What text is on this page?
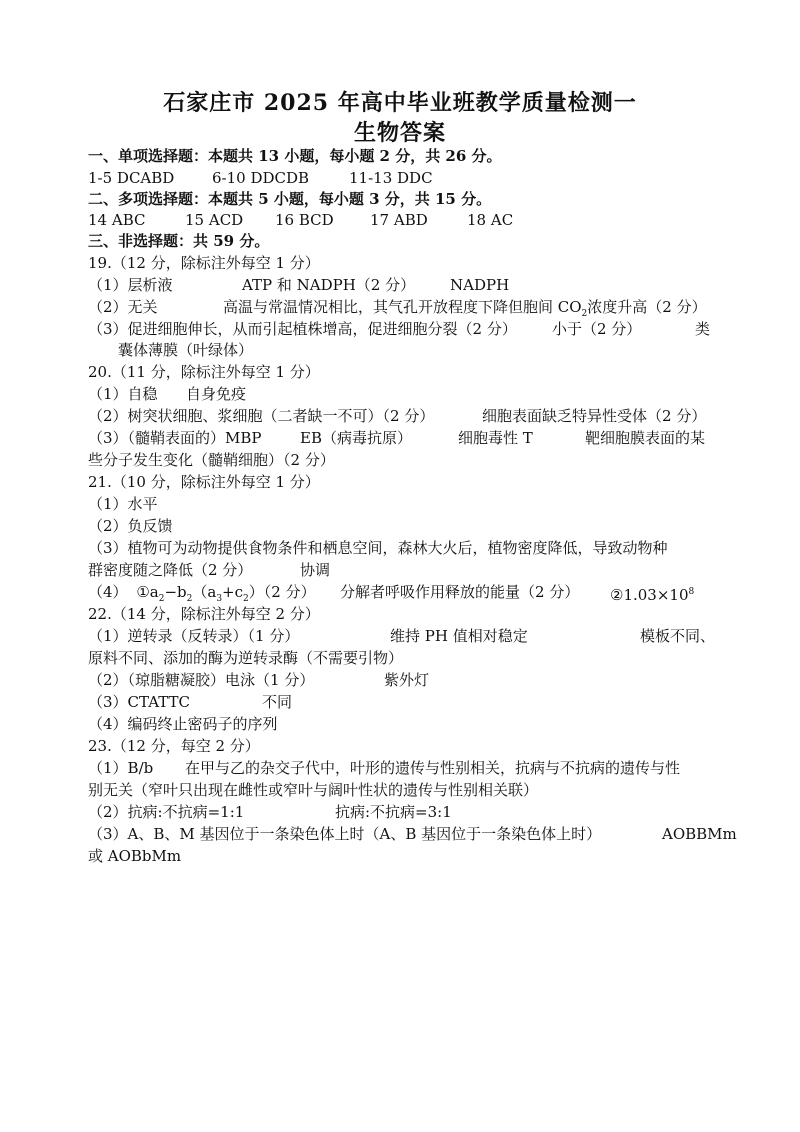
石家庄市 2025 年高中毕业班教学质量检测一
生物答案
一、单项选择题：本题共 13 小题，每小题 2 分，共 26 分。
1-5 DCABD	6-10 DDCDB	11-13 DDC
二、多项选择题：本题共 5 小题，每小题 3 分，共 15 分。
14 ABC	15 ACD 16 BCD 17 ABD	18 AC
三、非选择题：共 59 分。
19.（12 分，除标注外每空 1 分）
（1）层析液	ATP 和 NADPH（2 分） NADPH
（2）无关	高温与常温情况相比，其气孔开放程度下降但胞间 $CO_2$浓度升高（2 分）
（3）促进细胞伸长，从而引起植株增高，促进细胞分裂（2 分） 小于（2 分）	类
囊体薄膜（叶绿体）
20.（11 分，除标注外每空 1 分）
（1）自稳 自身免疫
（2）树突状细胞、浆细胞（二者缺一不可）（2 分）	细胞表面缺乏特异性受体（2 分）
（3）（髓鞘表面的）MBP	EB（病毒抗原）	细胞毒性 T	靶细胞膜表面的某
些分子发生变化（髓鞘细胞）（2 分）
21.（10 分，除标注外每空 1 分）
（1）水平
（2）负反馈
（3）植物可为动物提供食物条件和栖息空间，森林大火后，植物密度降低，导致动物种
群密度随之降低（2 分）	协调
（4） $①a_2-b_2(a_3+c_2)(2$ 分） 分解者呼吸作用释放的能量（2 分） $②1.03\times 10^8$
22.（14 分，除标注外每空 2 分）
（1）逆转录（反转录）（1 分）	维持 PH 值相对稳定	模板不同、
原料不同、添加的酶为逆转录酶（不需要引物）
（2）（琼脂糖凝胶）电泳（1 分）	紫外灯
（3）CTATTC	不同
（4）编码终止密码子的序列
23.（12 分，每空 2 分）
（1）B/b 在甲与乙的杂交子代中，叶形的遗传与性别相关，抗病与不抗病的遗传与性
别无关（窄叶只出现在雌性或窄叶与阔叶性状的遗传与性别相关联）
（2）抗病:不抗病=1:1	抗病:不抗病=3:1
（3）A、B、M 基因位于一条染色体上时（A、B 基因位于一条染色体上时）	AOBBMm
或 AOBbMm
